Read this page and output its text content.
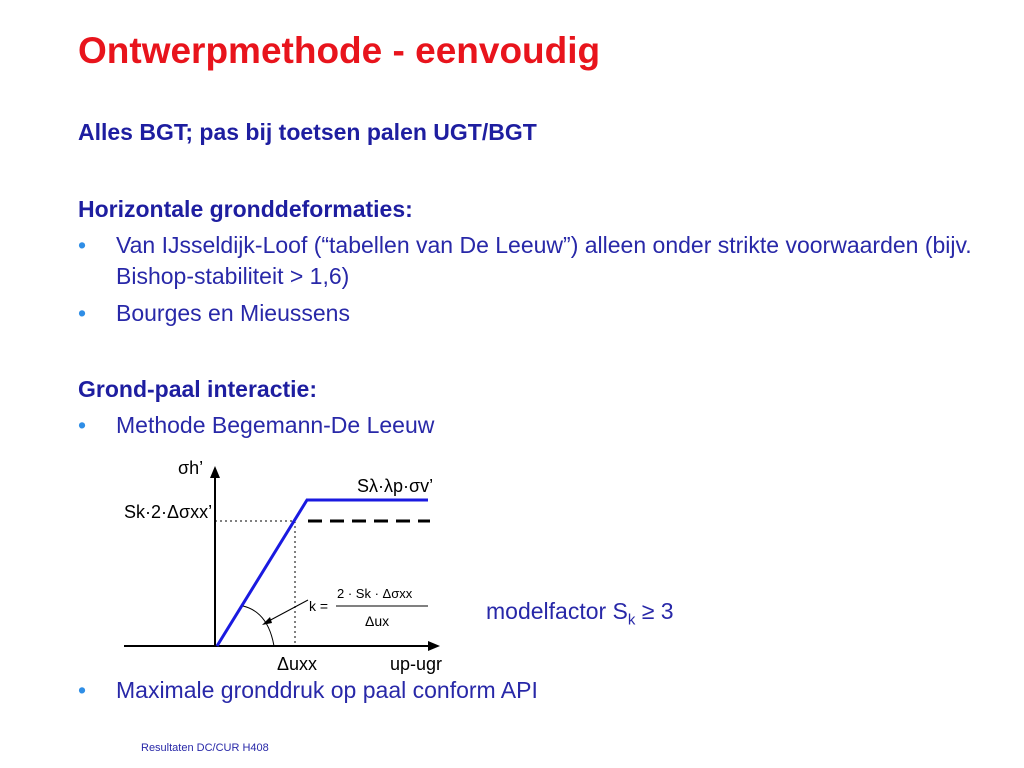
Ontwerpmethode - eenvoudig

Alles BGT; pas bij toetsen palen UGT/BGT

Horizontale gronddeformaties:

• Van IJsseldijk-Loof (“tabellen van De Leeuw”) alleen onder strikte voorwaarden (bijv. Bishop-stabiliteit > 1,6)
• Bourges en Mieussens

Grond-paal interactie:

• Methode Begemann-De Leeuw
σh’
Sk·2·Δσxx’
Sλ·λp·σv’
Δuxx	up-ugr
k =
2 · Sk · Δσxx
Δux	modelfactor $S_k \ge 3$
• Maximale gronddruk op paal conform API
Resultaten DC/CUR H408
